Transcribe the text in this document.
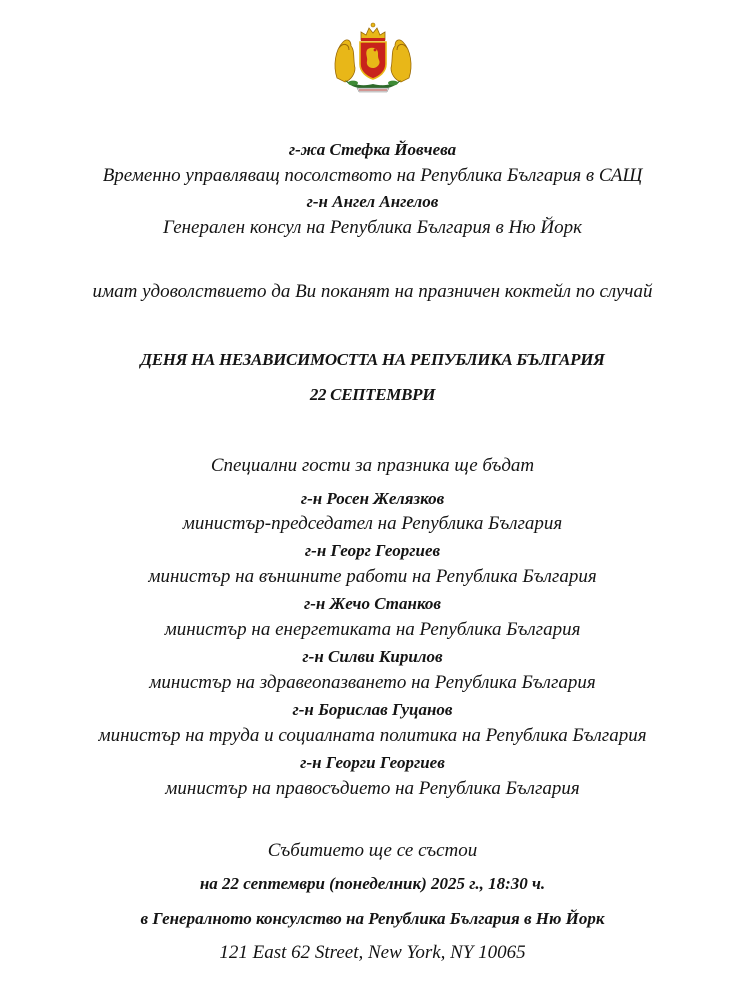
г-жа Стефка Йовчева
Временно управляващ посолството на Република България в САЩ
г-н Ангел Ангелов
Генерален консул на Република България в Ню Йорк
имат удоволствието да Ви поканят на празничен коктейл по случай
ДЕНЯ НА НЕЗАВИСИМОСТТА НА РЕПУБЛИКА БЪЛГАРИЯ
22 СЕПТЕМВРИ
Специални гости за празника ще бъдат
г-н Росен Желязков
министър-председател на Република България
г-н Георг Георгиев
министър на външните работи на Република България
г-н Жечо Станков
министър на енергетиката на Република България
г-н Силви Кирилов
министър на здравеопазването на Република България
г-н Борислав Гуцанов
министър на труда и социалната политика на Република България
г-н Георги Георгиев
министър на правосъдието на Република България
Събитието ще се състои
на 22 септември (понеделник) 2025 г., 18:30 ч.
в Генералното консулство на Република България в Ню Йорк
121 East 62 Street, New York, NY 10065
